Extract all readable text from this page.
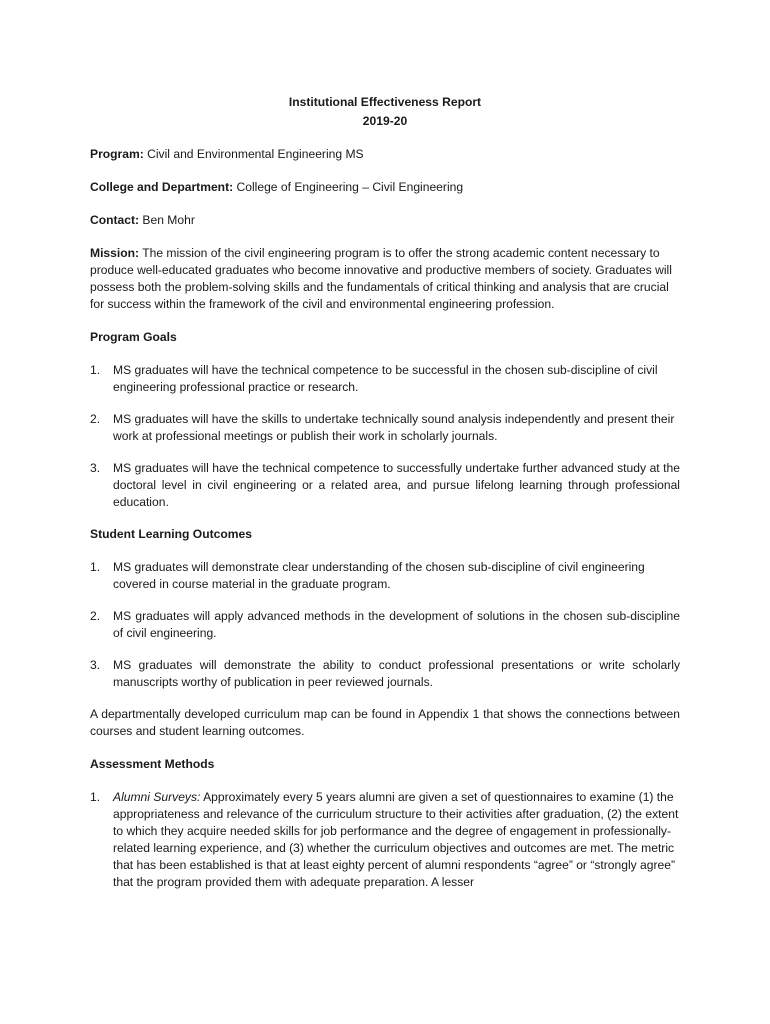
Institutional Effectiveness Report

2019-20

Program: Civil and Environmental Engineering MS

College and Department: College of Engineering – Civil Engineering

Contact: Ben Mohr

Mission: The mission of the civil engineering program is to offer the strong academic content necessary to produce well-educated graduates who become innovative and productive members of society. Graduates will possess both the problem-solving skills and the fundamentals of critical thinking and analysis that are crucial for success within the framework of the civil and environmental engineering profession.

Program Goals

1. MS graduates will have the technical competence to be successful in the chosen sub-discipline of civil engineering professional practice or research.
2. MS graduates will have the skills to undertake technically sound analysis independently and present their work at professional meetings or publish their work in scholarly journals.
3. MS graduates will have the technical competence to successfully undertake further advanced study at the doctoral level in civil engineering or a related area, and pursue lifelong learning through professional education.

Student Learning Outcomes

1. MS graduates will demonstrate clear understanding of the chosen sub-discipline of civil engineering covered in course material in the graduate program.
2. MS graduates will apply advanced methods in the development of solutions in the chosen sub-discipline of civil engineering.
3. MS graduates will demonstrate the ability to conduct professional presentations or write scholarly manuscripts worthy of publication in peer reviewed journals.

A departmentally developed curriculum map can be found in Appendix 1 that shows the connections between courses and student learning outcomes.

Assessment Methods

1. Alumni Surveys: Approximately every 5 years alumni are given a set of questionnaires to examine (1) the appropriateness and relevance of the curriculum structure to their activities after graduation, (2) the extent to which they acquire needed skills for job performance and the degree of engagement in professionally-related learning experience, and (3) whether the curriculum objectives and outcomes are met. The metric that has been established is that at least eighty percent of alumni respondents “agree” or “strongly agree” that the program provided them with adequate preparation. A lesser
